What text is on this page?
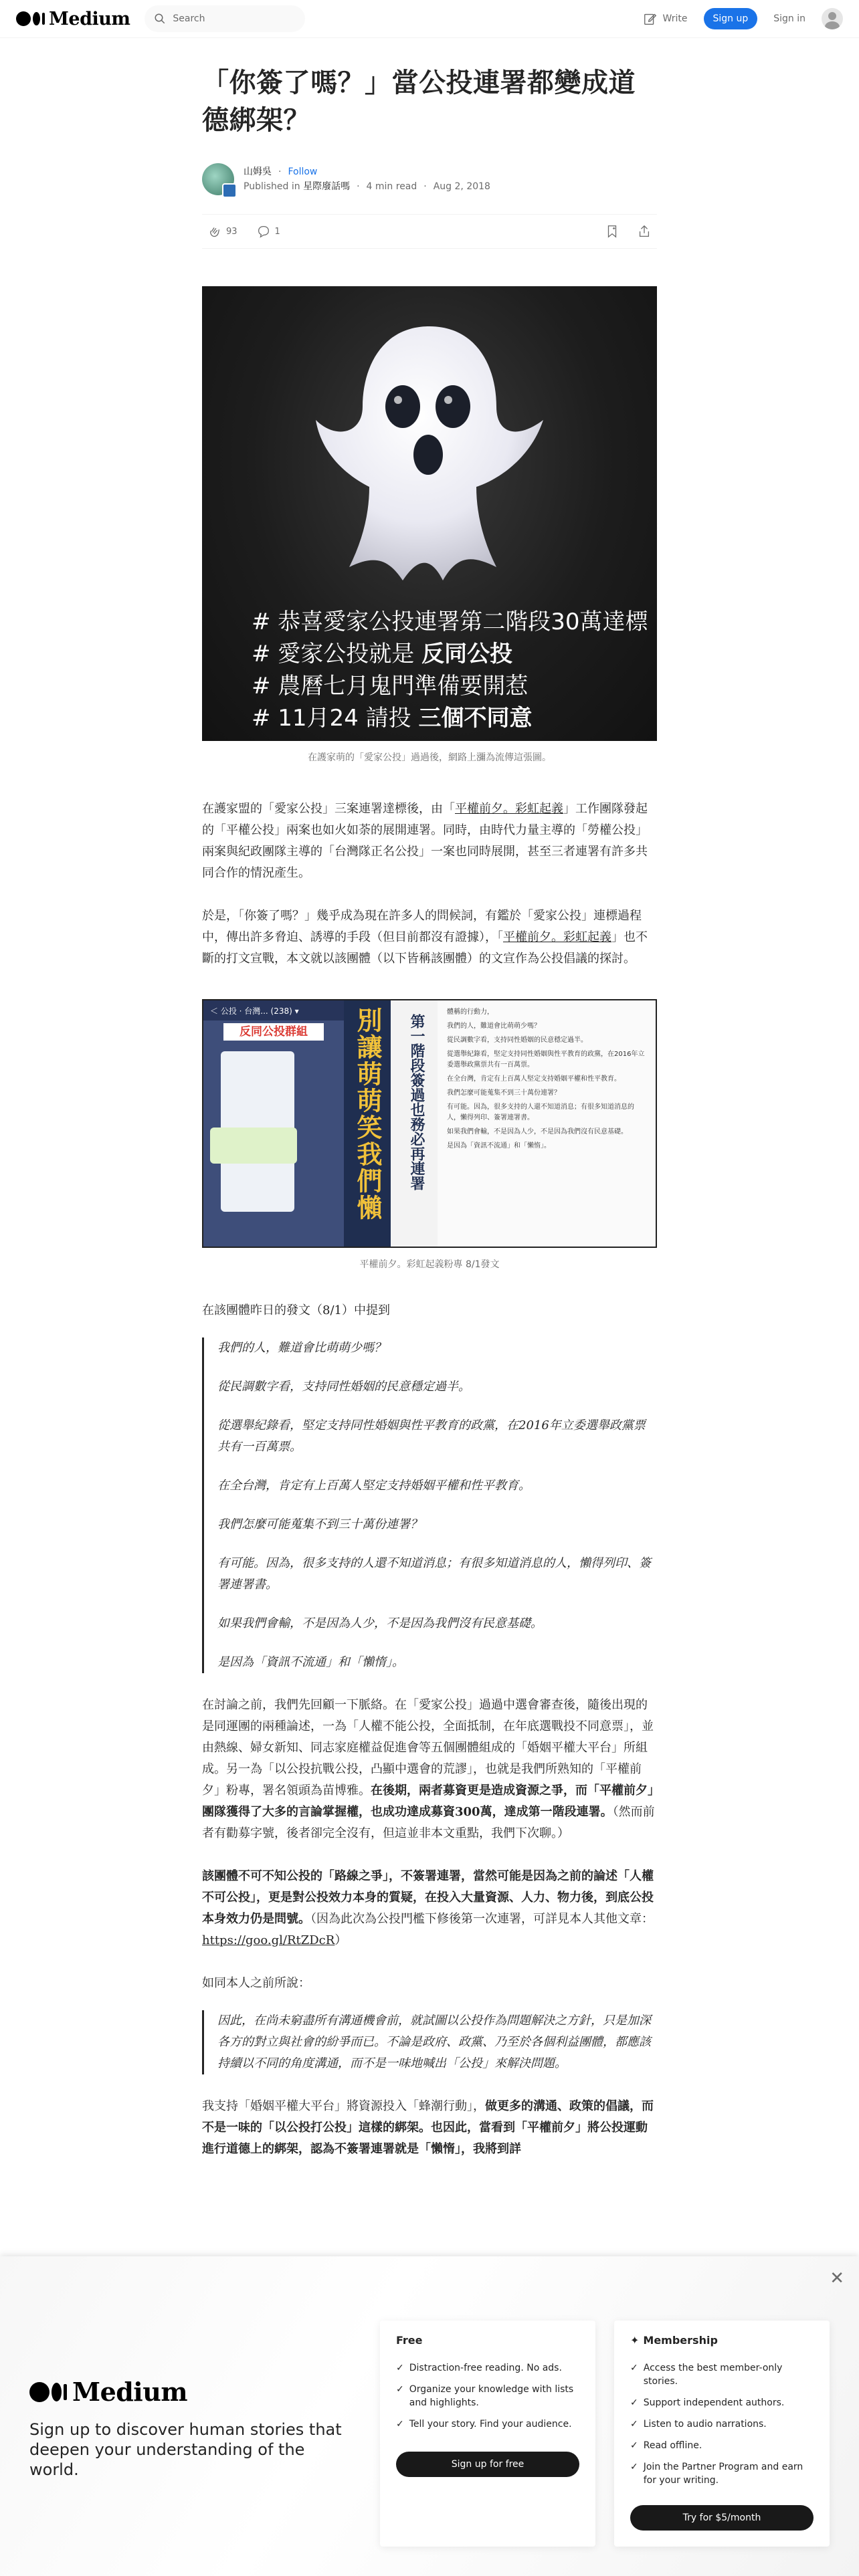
Medium	Search	Write	Sign up	Sign in
「你簽了嗎？」當公投連署都變成道德綁架？
山姆吳 · Follow
Published in 星際廢話嗎 · 4 min read · Aug 2, 2018
93	1
# 恭喜愛家公投連署第二階段30萬達標
# 愛家公投就是 反同公投
# 農曆七月鬼門準備要開惹
# 11月24 請投 三個不同意
在護家萌的「愛家公投」過過後，網路上瀰為流傳這張圖。

在護家盟的「愛家公投」三案連署達標後，由「平權前夕。彩虹起義」工作團隊發起的「平權公投」兩案也如火如荼的展開連署。同時，由時代力量主導的「勞權公投」兩案與紀政團隊主導的「台灣隊正名公投」一案也同時展開，甚至三者連署有許多共同合作的情況產生。

於是，「你簽了嗎？」幾乎成為現在許多人的問候詞，有鑑於「愛家公投」連標過程中，傳出許多脅迫、誘導的手段（但目前都沒有證據），「平權前夕。彩虹起義」也不斷的打文宣戰，本文就以該團體（以下皆稱該團體）的文宣作為公投倡議的探討。

＜ 公投 · 台灣... (238) ▾
反同公投群組	別讓萌萌笑我們懶	第一階段簽過也務必再連署
體稱的行動力，
我們的人，難道會比萌萌少嗎？
從民調數字看，支持同性婚姻的民意穩定過半。
從選舉紀錄看，堅定支持同性婚姻與性平教育的政黨，在2016年立委選舉政黨票共有一百萬票。
在全台灣，肯定有上百萬人堅定支持婚姻平權和性平教育。
我們怎麼可能蒐集不到三十萬份連署？
有可能。因為，很多支持的人還不知道消息；有很多知道消息的人，懶得列印、簽署連署書。
如果我們會輸，不是因為人少，不是因為我們沒有民意基礎。
是因為「資訊不流通」和「懶惰」。
平權前夕。彩虹起義粉專 8/1發文

在該團體昨日的發文（8/1）中提到

我們的人，難道會比萌萌少嗎？

從民調數字看，支持同性婚姻的民意穩定過半。

從選舉紀錄看，堅定支持同性婚姻與性平教育的政黨，在2016年立委選舉政黨票共有一百萬票。

在全台灣，肯定有上百萬人堅定支持婚姻平權和性平教育。

我們怎麼可能蒐集不到三十萬份連署？

有可能。因為，很多支持的人還不知道消息；有很多知道消息的人，懶得列印、簽署連署書。

如果我們會輸，不是因為人少，不是因為我們沒有民意基礎。

是因為「資訊不流通」和「懶惰」。

在討論之前，我們先回顧一下脈絡。在「愛家公投」過過中選會審查後，隨後出現的是同運團的兩種論述，一為「人權不能公投，全面抵制，在年底選戰投不同意票」，並由熱線、婦女新知、同志家庭權益促進會等五個團體組成的「婚姻平權大平台」所組成。另一為「以公投抗戰公投，凸顯中選會的荒謬」，也就是我們所熟知的「平權前夕」粉專，署名領頭為苗博雅。在後期，兩者募資更是造成資源之爭，而「平權前夕」團隊獲得了大多的言論掌握權，也成功達成募資300萬，達成第一階段連署。（然而前者有勸募字號，後者卻完全沒有，但這並非本文重點，我們下次聊。）

該團體不可不知公投的「路線之爭」，不簽署連署，當然可能是因為之前的論述「人權不可公投」，更是對公投效力本身的質疑，在投入大量資源、人力、物力後，到底公投本身效力仍是問號。（因為此次為公投門檻下修後第一次連署，可詳見本人其他文章：https://goo.gl/RtZDcR）

如同本人之前所說：

因此，在尚未窮盡所有溝通機會前，就試圖以公投作為問題解決之方針，只是加深各方的對立與社會的紛爭而已。不論是政府、政黨、乃至於各個利益團體，都應該持續以不同的角度溝通，而不是一味地喊出「公投」來解決問題。

我支持「婚姻平權大平台」將資源投入「蜂潮行動」，做更多的溝通、政策的倡議，而不是一味的「以公投打公投」這樣的綁架。也因此，當看到「平權前夕」將公投運動進行道德上的綁架，認為不簽署連署就是「懶惰」，我將到詳

✕
Medium
Sign up to discover human stories that deepen your understanding of the world.
Free
✓ Distraction-free reading. No ads.
✓ Organize your knowledge with lists and highlights.
✓ Tell your story. Find your audience.
Sign up for free
✦ Membership
✓ Access the best member-only stories.
✓ Support independent authors.
✓ Listen to audio narrations.
✓ Read offline.
✓ Join the Partner Program and earn for your writing.
Try for $5/month
